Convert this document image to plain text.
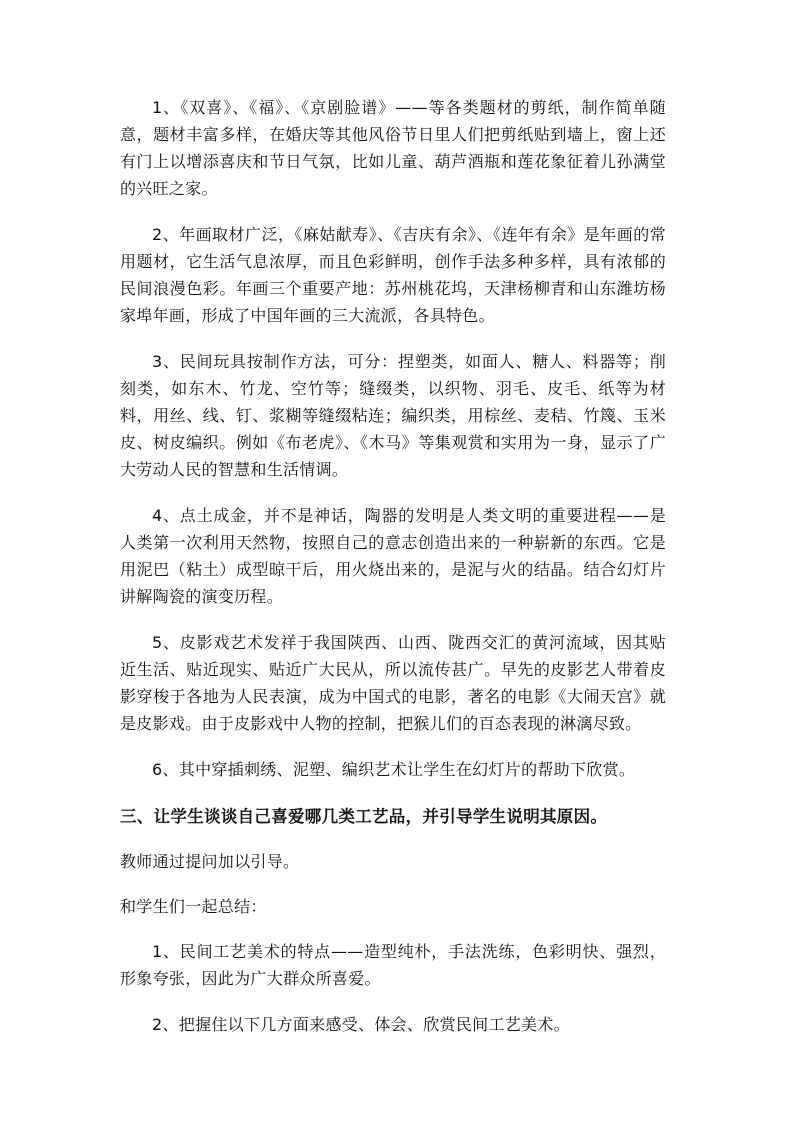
1、《双喜》、《福》、《京剧脸谱》——等各类题材的剪纸，制作简单随意，题材丰富多样，在婚庆等其他风俗节日里人们把剪纸贴到墙上，窗上还有门上以增添喜庆和节日气氛，比如儿童、葫芦酒瓶和莲花象征着儿孙满堂的兴旺之家。

2、年画取材广泛，《麻姑献寿》、《吉庆有余》、《连年有余》是年画的常用题材，它生活气息浓厚，而且色彩鲜明，创作手法多种多样，具有浓郁的民间浪漫色彩。年画三个重要产地：苏州桃花坞，天津杨柳青和山东潍坊杨家埠年画，形成了中国年画的三大流派，各具特色。

3、民间玩具按制作方法，可分：捏塑类，如面人、糖人、料器等；削刻类，如东木、竹龙、空竹等；缝缀类，以织物、羽毛、皮毛、纸等为材料，用丝、线、钉、浆糊等缝缀粘连；编织类，用棕丝、麦秸、竹篾、玉米皮、树皮编织。例如《布老虎》、《木马》等集观赏和实用为一身，显示了广大劳动人民的智慧和生活情调。

4、点土成金，并不是神话，陶器的发明是人类文明的重要进程——是人类第一次利用天然物，按照自己的意志创造出来的一种崭新的东西。它是用泥巴（粘土）成型晾干后，用火烧出来的，是泥与火的结晶。结合幻灯片讲解陶瓷的演变历程。

5、皮影戏艺术发祥于我国陕西、山西、陇西交汇的黄河流域，因其贴近生活、贴近现实、贴近广大民从，所以流传甚广。早先的皮影艺人带着皮影穿梭于各地为人民表演，成为中国式的电影，著名的电影《大闹天宫》就是皮影戏。由于皮影戏中人物的控制，把猴儿们的百态表现的淋漓尽致。

6、其中穿插刺绣、泥塑、编织艺术让学生在幻灯片的帮助下欣赏。

三、让学生谈谈自己喜爱哪几类工艺品，并引导学生说明其原因。

教师通过提问加以引导。

和学生们一起总结：

1、民间工艺美术的特点——造型纯朴，手法洗练，色彩明快、强烈，形象夸张，因此为广大群众所喜爱。

2、把握住以下几方面来感受、体会、欣赏民间工艺美术。
